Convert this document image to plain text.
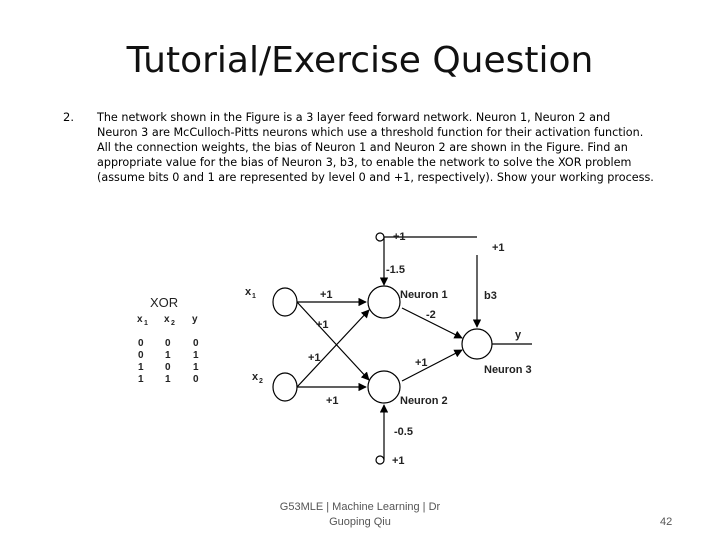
Tutorial/Exercise Question
2. The network shown in the Figure is a 3 layer feed forward network. Neuron 1, Neuron 2 and
Neuron 3 are McCulloch-Pitts neurons which use a threshold function for their activation function.
All the connection weights, the bias of Neuron 1 and Neuron 2 are shown in the Figure. Find an
appropriate value for the bias of Neuron 3, b3, to enable the network to solve the XOR problem
(assume bits 0 and 1 are represented by level 0 and +1, respectively). Show your working process.
XOR
x 1 x 2 y
0 0 0
0 1 1
1 0 1
1 1 0
x 1
x 2
+1
-1.5
+1
b3
Neuron 1
Neuron 2
Neuron 3
+1
+1
+1
+1
-2
+1
-0.5
+1
y
G53MLE | Machine Learning | Dr
Guoping Qiu	42
